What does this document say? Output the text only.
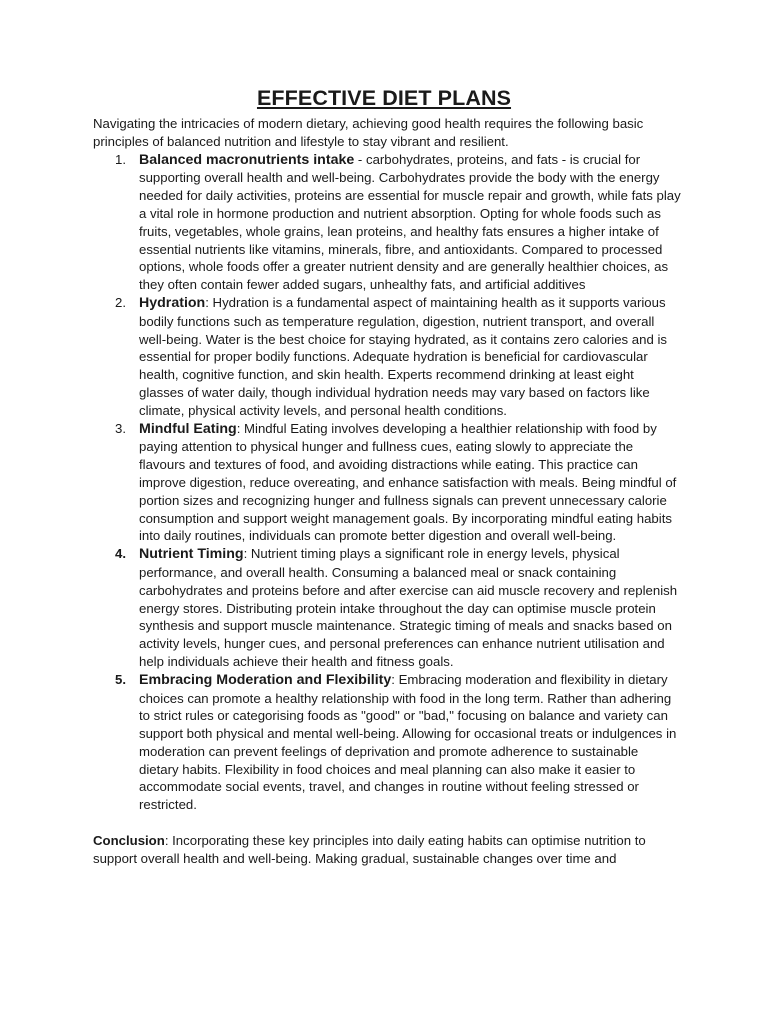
EFFECTIVE DIET PLANS

Navigating the intricacies of modern dietary, achieving good health requires the following basic principles of balanced nutrition and lifestyle to stay vibrant and resilient.

1. Balanced macronutrients intake - carbohydrates, proteins, and fats - is crucial for supporting overall health and well-being. Carbohydrates provide the body with the energy needed for daily activities, proteins are essential for muscle repair and growth, while fats play a vital role in hormone production and nutrient absorption. Opting for whole foods such as fruits, vegetables, whole grains, lean proteins, and healthy fats ensures a higher intake of essential nutrients like vitamins, minerals, fibre, and antioxidants. Compared to processed options, whole foods offer a greater nutrient density and are generally healthier choices, as they often contain fewer added sugars, unhealthy fats, and artificial additives
2. Hydration: Hydration is a fundamental aspect of maintaining health as it supports various bodily functions such as temperature regulation, digestion, nutrient transport, and overall well-being. Water is the best choice for staying hydrated, as it contains zero calories and is essential for proper bodily functions. Adequate hydration is beneficial for cardiovascular health, cognitive function, and skin health. Experts recommend drinking at least eight glasses of water daily, though individual hydration needs may vary based on factors like climate, physical activity levels, and personal health conditions.
3. Mindful Eating: Mindful Eating involves developing a healthier relationship with food by paying attention to physical hunger and fullness cues, eating slowly to appreciate the flavours and textures of food, and avoiding distractions while eating. This practice can improve digestion, reduce overeating, and enhance satisfaction with meals. Being mindful of portion sizes and recognizing hunger and fullness signals can prevent unnecessary calorie consumption and support weight management goals. By incorporating mindful eating habits into daily routines, individuals can promote better digestion and overall well-being.
4. Nutrient Timing: Nutrient timing plays a significant role in energy levels, physical performance, and overall health. Consuming a balanced meal or snack containing carbohydrates and proteins before and after exercise can aid muscle recovery and replenish energy stores. Distributing protein intake throughout the day can optimise muscle protein synthesis and support muscle maintenance. Strategic timing of meals and snacks based on activity levels, hunger cues, and personal preferences can enhance nutrient utilisation and help individuals achieve their health and fitness goals.
5. Embracing Moderation and Flexibility: Embracing moderation and flexibility in dietary choices can promote a healthy relationship with food in the long term. Rather than adhering to strict rules or categorising foods as "good" or "bad," focusing on balance and variety can support both physical and mental well-being. Allowing for occasional treats or indulgences in moderation can prevent feelings of deprivation and promote adherence to sustainable dietary habits. Flexibility in food choices and meal planning can also make it easier to accommodate social events, travel, and changes in routine without feeling stressed or restricted.

Conclusion: Incorporating these key principles into daily eating habits can optimise nutrition to support overall health and well-being. Making gradual, sustainable changes over time and
